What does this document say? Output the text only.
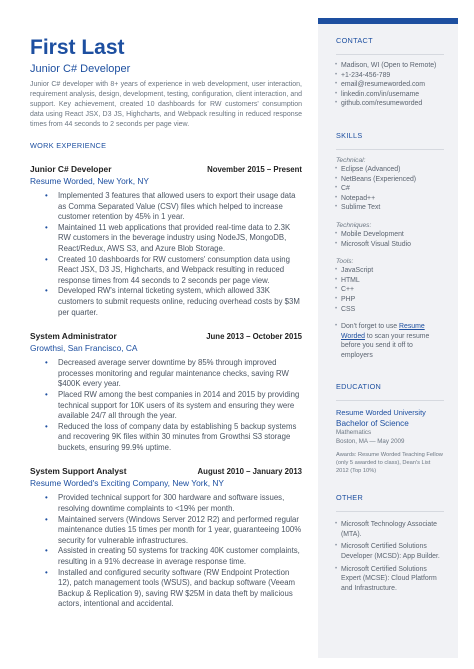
First Last
Junior C# Developer

Junior C# developer with 8+ years of experience in web development, user interaction, requirement analysis, design, development, testing, configuration, client interaction, and support. Key achievement, created 10 dashboards for RW customers' consumption data using React JSX, D3 JS, Highcharts, and Webpack resulting in reduced response times from 44 seconds to 2 seconds per page view.

WORK EXPERIENCE
Junior C# Developer	November 2015 – Present
Resume Worded, New York, NY
• Implemented 3 features that allowed users to export their usage data as Comma Separated Value (CSV) files which helped to increase customer retention by 45% in 1 year.
• Maintained 11 web applications that provided real-time data to 2.3K RW customers in the beverage industry using NodeJS, MongoDB, React/Redux, AWS S3, and Azure Blob Storage.
• Created 10 dashboards for RW customers' consumption data using React JSX, D3 JS, Highcharts, and Webpack resulting in reduced response times from 44 seconds to 2 seconds per page view.
• Developed RW's internal ticketing system, which allowed 33K customers to submit requests online, reducing overhead costs by $3M per quarter.
System Administrator	June 2013 – October 2015
Growthsi, San Francisco, CA
• Decreased average server downtime by 85% through improved processes monitoring and regular maintenance checks, saving RW $400K every year.
• Placed RW among the best companies in 2014 and 2015 by providing technical support for 10K users of its system and ensuring they were available 24/7 all through the year.
• Reduced the loss of company data by establishing 5 backup systems and recovering 9K files within 30 minutes from Growthsi S3 storage buckets, ensuring 99.9% uptime.
System Support Analyst	August 2010 – January 2013
Resume Worded's Exciting Company, New York, NY
• Provided technical support for 300 hardware and software issues, resolving downtime complaints to <19% per month.
• Maintained servers (Windows Server 2012 R2) and performed regular maintenance duties 15 times per month for 1 year, guaranteeing 100% security for vulnerable infrastructures.
• Assisted in creating 50 systems for tracking 40K customer complaints, resulting in a 91% decrease in average response time.
• Installed and configured security software (RW Endpoint Protection 12), patch management tools (WSUS), and backup software (Veeam Backup & Replication 9), saving RW $25M in data theft by malicious actors, intentional and accidental.
CONTACT
• Madison, WI (Open to Remote)
• +1-234-456-789
• email@resumeworded.com
• linkedin.com/in/username
• github.com/resumeworded
SKILLS
Technical:
• Eclipse (Advanced)
• NetBeans (Experienced)
• C#
• Notepad++
• Sublime Text
Techniques:
• Mobile Development
• Microsoft Visual Studio
Tools:
• JavaScript
• HTML
• C++
• PHP
• CSS
• Don't forget to use Resume Worded to scan your resume before you send it off to employers
EDUCATION
Resume Worded University
Bachelor of Science
Mathematics
Boston, MA — May 2009
Awards: Resume Worded Teaching Fellow (only 5 awarded to class), Dean's List 2012 (Top 10%)
OTHER
• Microsoft Technology Associate (MTA).
• Microsoft Certified Solutions Developer (MCSD): App Builder.
• Microsoft Certified Solutions Expert (MCSE): Cloud Platform and Infrastructure.
